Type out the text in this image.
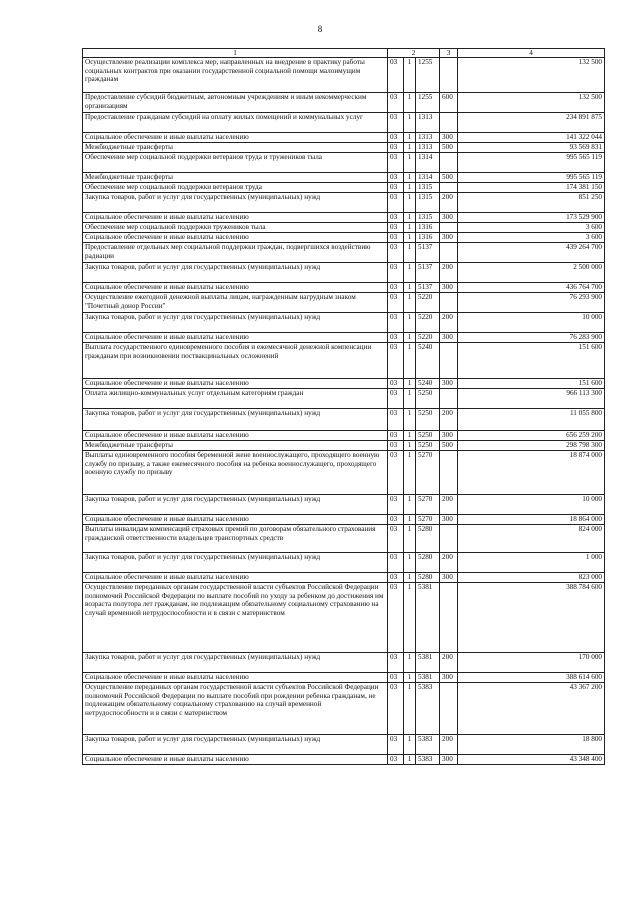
8
1	2			3	4
Осуществление реализации комплекса мер, направленных на внедрение в практику работы социальных контрактов при оказании государственной социальной помощи малоимущим гражданам	03	1	1255		132 500
Предоставление субсидий бюджетным, автономным учреждениям и иным некоммерческим организациям	03	1	1255	600	132 500
Предоставление гражданам субсидий на оплату жилых помещений и коммунальных услуг	03	1	1313		234 891 875
Социальное обеспечение и иные выплаты населению	03	1	1313	300	141 322 044
Межбюджетные трансферты	03	1	1313	500	93 569 831
Обеспечение мер социальной поддержки ветеранов труда и тружеников тыла	03	1	1314		995 565 119
Межбюджетные трансферты	03	1	1314	500	995 565 119
Обеспечение мер социальной поддержки ветеранов труда	03	1	1315		174 381 150
Закупка товаров, работ и услуг для государственных (муниципальных) нужд	03	1	1315	200	851 250
Социальное обеспечение и иные выплаты населению	03	1	1315	300	173 529 900
Обеспечение мер социальной поддержки тружеников тыла	03	1	1316		3 600
Социальное обеспечение и иные выплаты населению	03	1	1316	300	3 600
Предоставление отдельных мер социальной поддержки граждан, подвергшихся воздействию радиации	03	1	5137		439 264 700
Закупка товаров, работ и услуг для государственных (муниципальных) нужд	03	1	5137	200	2 500 000
Социальное обеспечение и иные выплаты населению	03	1	5137	300	436 764 700
Осуществление ежегодной денежной выплаты лицам, награжденным нагрудным знаком "Почетный донор России"	03	1	5220		76 293 900
Закупка товаров, работ и услуг для государственных (муниципальных) нужд	03	1	5220	200	10 000
Социальное обеспечение и иные выплаты населению	03	1	5220	300	76 283 900
Выплата государственного единовременного пособия и ежемесячной денежной компенсации гражданам при возникновении поствакцинальных осложнений	03	1	5240		151 600
Социальное обеспечение и иные выплаты населению	03	1	5240	300	151 600
Оплата жилищно-коммунальных услуг отдельным категориям граждан	03	1	5250		966 113 300
Закупка товаров, работ и услуг для государственных (муниципальных) нужд	03	1	5250	200	11 055 800
Социальное обеспечение и иные выплаты населению	03	1	5250	300	656 259 200
Межбюджетные трансферты	03	1	5250	500	298 798 300
Выплаты единовременного пособия беременной жене военнослужащего, проходящего военную службу по призыву, а также ежемесячного пособия на ребенка военнослужащего, проходящего военную службу по призыву	03	1	5270		18 874 000
Закупка товаров, работ и услуг для государственных (муниципальных) нужд	03	1	5270	200	10 000
Социальное обеспечение и иные выплаты населению	03	1	5270	300	18 864 000
Выплаты инвалидам компенсаций страховых премий по договорам обязательного страхования гражданской ответственности владельцев транспортных средств	03	1	5280		824 000
Закупка товаров, работ и услуг для государственных (муниципальных) нужд	03	1	5280	200	1 000
Социальное обеспечение и иные выплаты населению	03	1	5280	300	823 000
Осуществление переданных органам государственной власти субъектов Российской Федерации полномочий Российской Федерации по выплате пособий по уходу за ребенком до достижения им возраста полутора лет гражданам, не подлежащим обязательному социальному страхованию на случай временной нетрудоспособности и в связи с материнством	03	1	5381		388 784 600
Закупка товаров, работ и услуг для государственных (муниципальных) нужд	03	1	5381	200	170 000
Социальное обеспечение и иные выплаты населению	03	1	5381	300	388 614 600
Осуществление переданных органам государственной власти субъектов Российской Федерации полномочий Российской Федерации по выплате пособий при рождении ребенка гражданам, не подлежащим обязательному социальному страхованию на случай временной нетрудоспособности и в связи с материнством	03	1	5383		43 367 200
Закупка товаров, работ и услуг для государственных (муниципальных) нужд	03	1	5383	200	18 800
Социальное обеспечение и иные выплаты населению	03	1	5383	300	43 348 400
